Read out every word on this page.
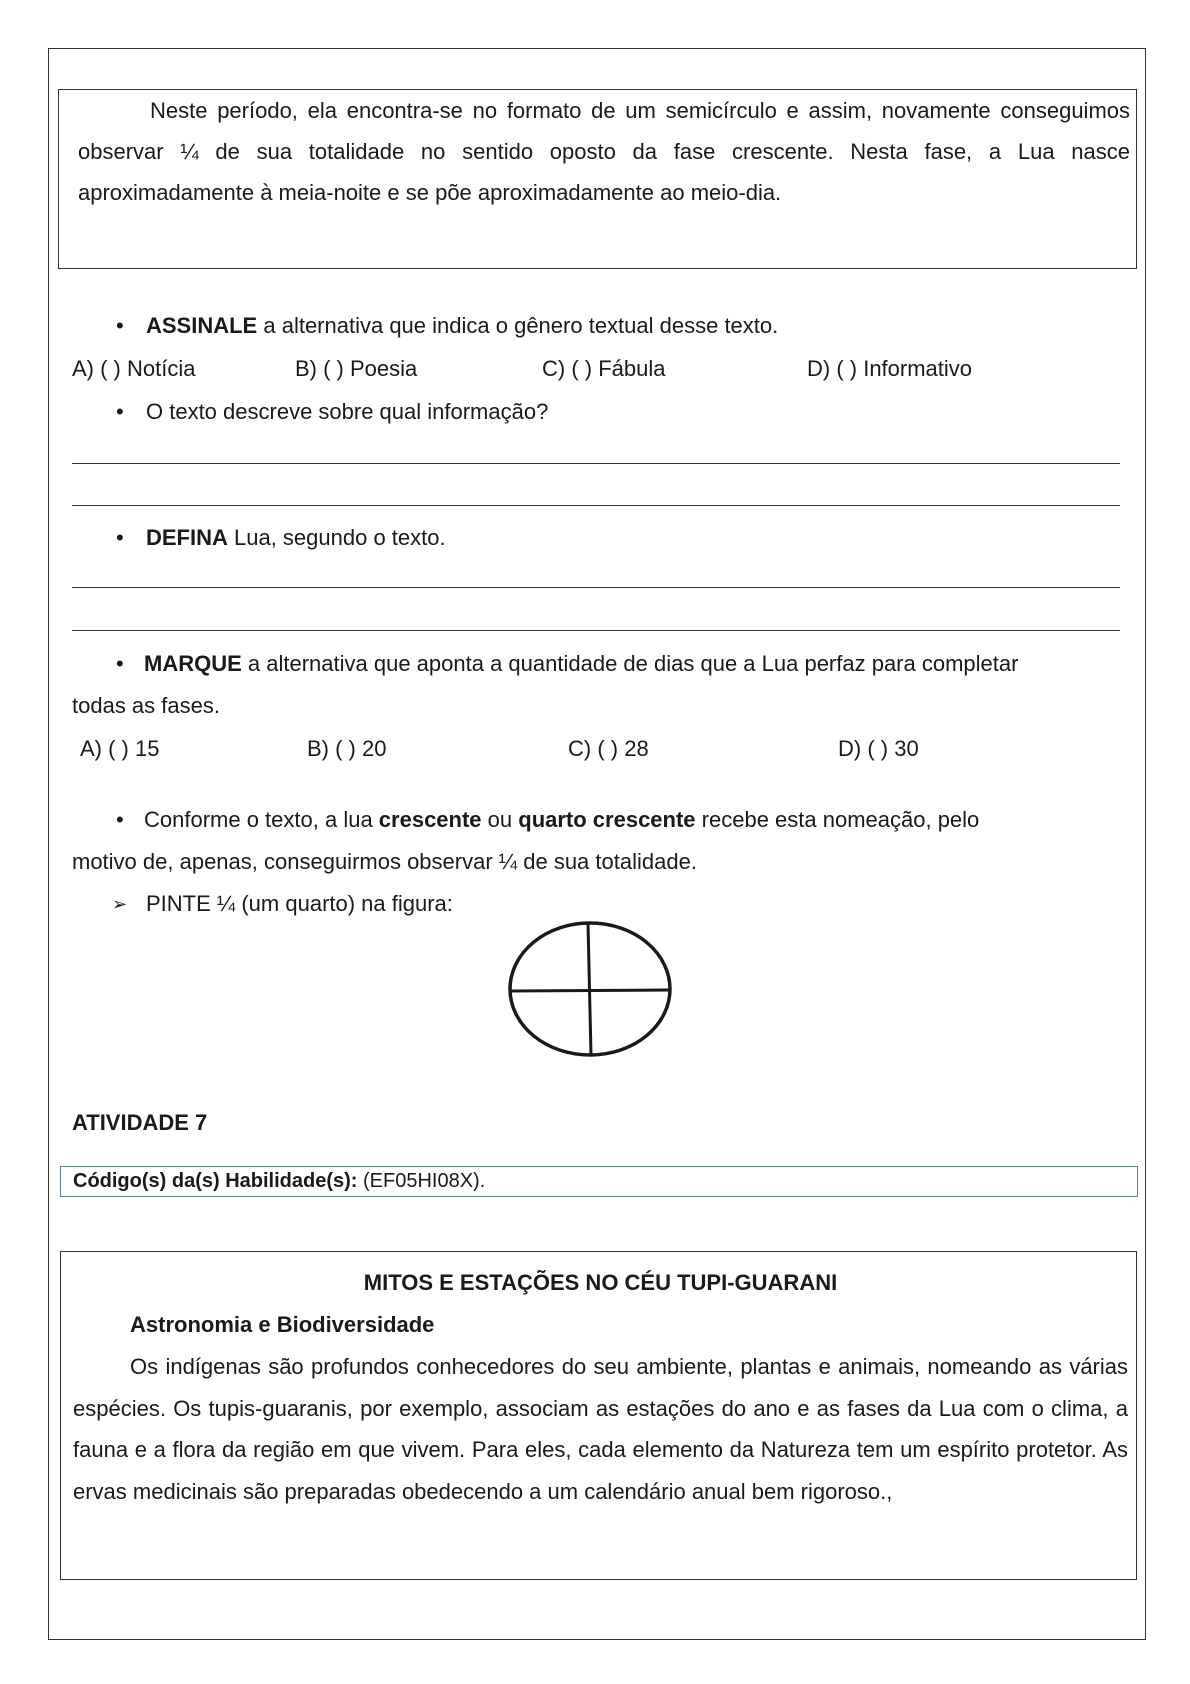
Neste período, ela encontra-se no formato de um semicírculo e assim, novamente conseguimos observar ¼ de sua totalidade no sentido oposto da fase crescente. Nesta fase, a Lua nasce aproximadamente à meia-noite e se põe aproximadamente ao meio-dia.

• ASSINALE a alternativa que indica o gênero textual desse texto.
A) ( ) Notícia	B) ( ) Poesia	C) ( ) Fábula	D) ( ) Informativo
• O texto descreve sobre qual informação?
• DEFINA Lua, segundo o texto.
• MARQUE a alternativa que aponta a quantidade de dias que a Lua perfaz para completar
todas as fases.
A) ( ) 15	B) ( ) 20	C) ( ) 28	D) ( ) 30
• Conforme o texto, a lua crescente ou quarto crescente recebe esta nomeação, pelo
motivo de, apenas, conseguirmos observar ¼ de sua totalidade.
➢ PINTE ¼ (um quarto) na figura:
ATIVIDADE 7
Código(s) da(s) Habilidade(s): (EF05HI08X).
MITOS E ESTAÇÕES NO CÉU TUPI-GUARANI
Astronomia e Biodiversidade

Os indígenas são profundos conhecedores do seu ambiente, plantas e animais, nomeando as várias espécies. Os tupis-guaranis, por exemplo, associam as estações do ano e as fases da Lua com o clima, a fauna e a flora da região em que vivem. Para eles, cada elemento da Natureza tem um espírito protetor. As ervas medicinais são preparadas obedecendo a um calendário anual bem rigoroso.,
